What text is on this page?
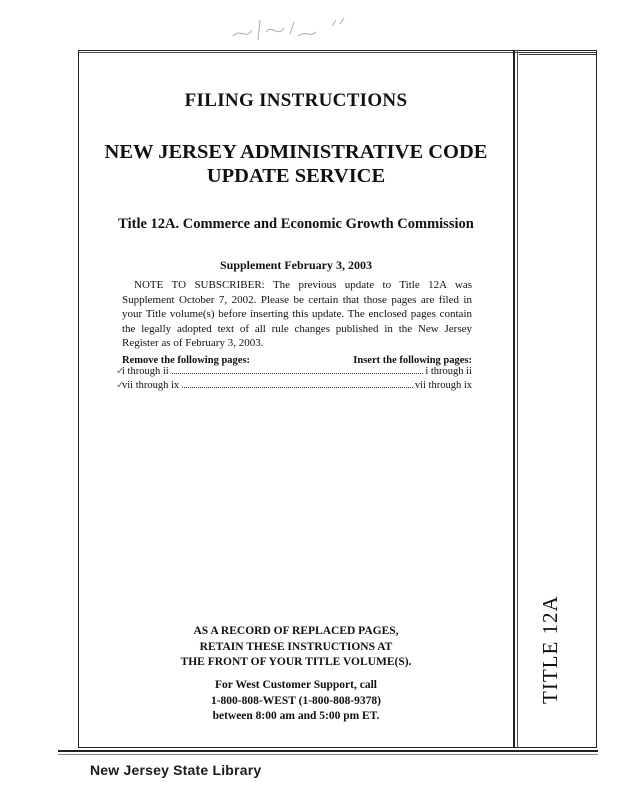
TITLE 12A
FILING INSTRUCTIONS
NEW JERSEY ADMINISTRATIVE CODE
UPDATE SERVICE
Title 12A. Commerce and Economic Growth Commission
Supplement February 3, 2003
NOTE TO SUBSCRIBER: The previous update to Title 12A was Supplement October 7, 2002. Please be certain that those pages are filed in your Title volume(s) before inserting this update. The enclosed pages contain the legally adopted text of all rule changes published in the New Jersey Register as of February 3, 2003.
Remove the following pages:	Insert the following pages:
✓
i through ii	i through ii
✓
vii through ix	vii through ix
AS A RECORD OF REPLACED PAGES,
RETAIN THESE INSTRUCTIONS AT
THE FRONT OF YOUR TITLE VOLUME(S).
For West Customer Support, call
1-800-808-WEST (1-800-808-9378)
between 8:00 am and 5:00 pm ET.
New Jersey State Library
